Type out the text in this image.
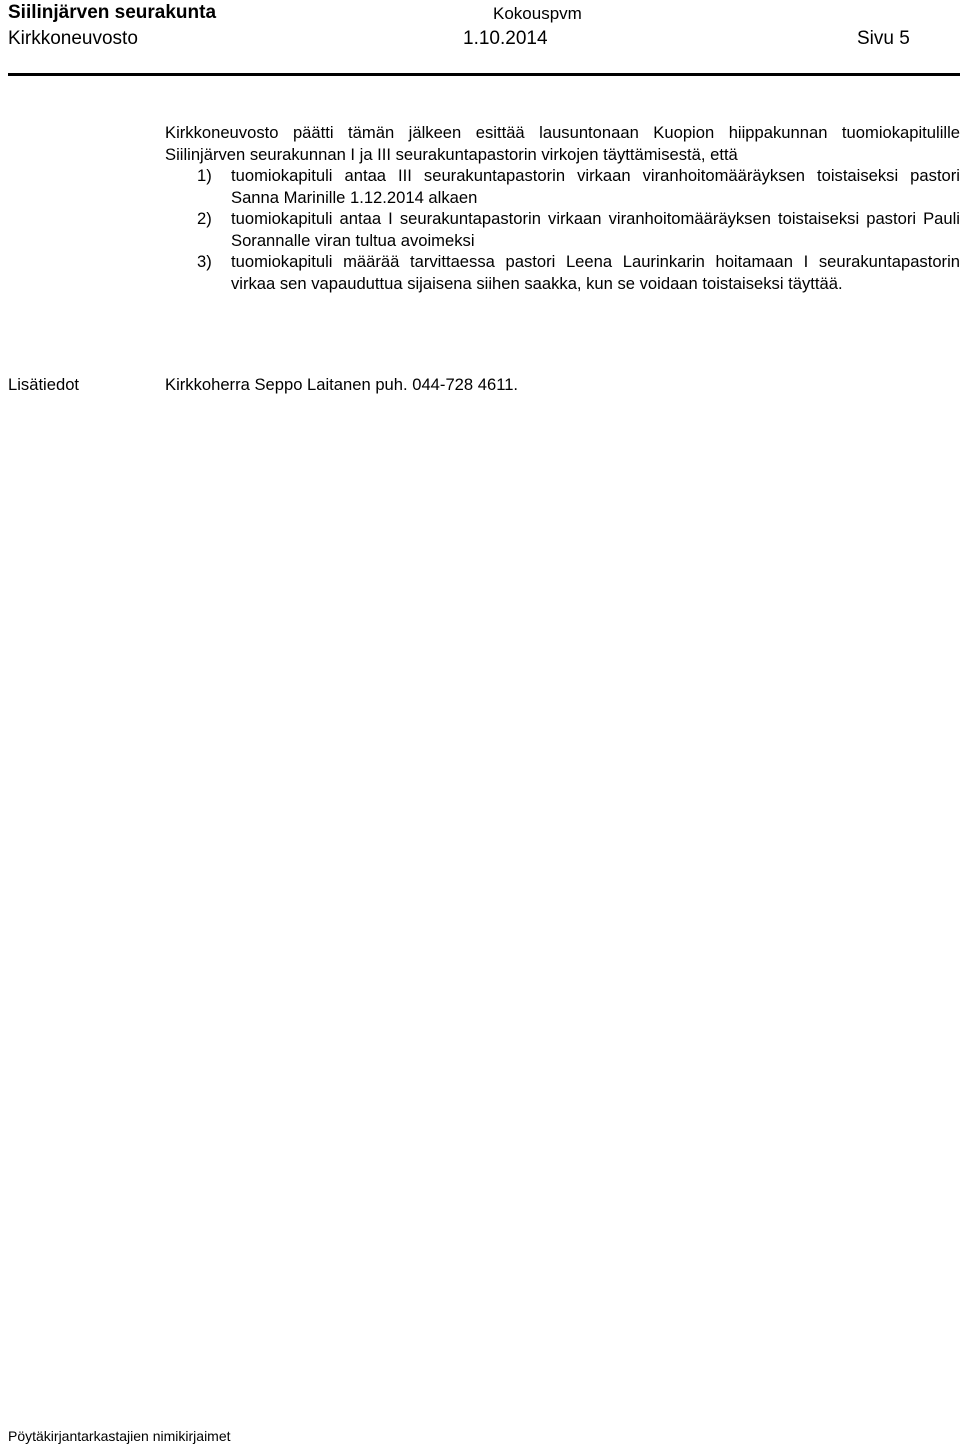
Siilinjärven seurakunta	Kokouspvm
Kirkkoneuvosto	1.10.2014	Sivu 5

Kirkkoneuvosto päätti tämän jälkeen esittää lausuntonaan Kuopion hiippakunnan tuomiokapitulille Siilinjärven seurakunnan I ja III seurakuntapastorin virkojen täyttämisestä, että

1) tuomiokapituli antaa III seurakuntapastorin virkaan viranhoitomääräyksen toistaiseksi pastori Sanna Marinille 1.12.2014 alkaen
2) tuomiokapituli antaa I seurakuntapastorin virkaan viranhoitomääräyksen toistaiseksi pastori Pauli Sorannalle viran tultua avoimeksi
3) tuomiokapituli määrää tarvittaessa pastori Leena Laurinkarin hoitamaan I seurakuntapastorin virkaa sen vapauduttua sijaisena siihen saakka, kun se voidaan toistaiseksi täyttää.
Lisätiedot	Kirkkoherra Seppo Laitanen puh. 044-728 4611.
Pöytäkirjantarkastajien nimikirjaimet
